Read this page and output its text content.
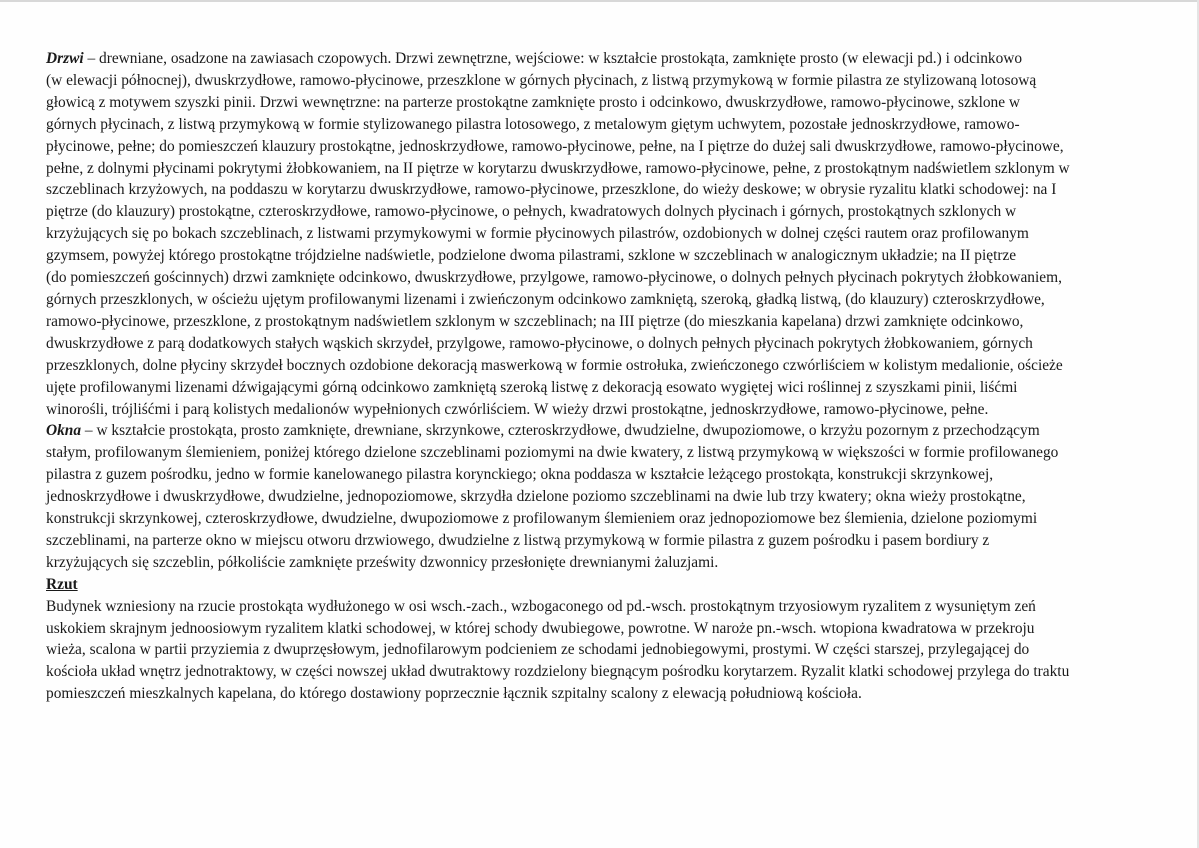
Drzwi – drewniane, osadzone na zawiasach czopowych. Drzwi zewnętrzne, wejściowe: w kształcie prostokąta, zamknięte prosto (w elewacji pd.) i odcinkowo
(w elewacji północnej), dwuskrzydłowe, ramowo-płycinowe, przeszklone w górnych płycinach, z listwą przymykową w formie pilastra ze stylizowaną lotosową
głowicą z motywem szyszki pinii. Drzwi wewnętrzne: na parterze prostokątne zamknięte prosto i odcinkowo, dwuskrzydłowe, ramowo-płycinowe, szklone w
górnych płycinach, z listwą przymykową w formie stylizowanego pilastra lotosowego, z metalowym giętym uchwytem, pozostałe jednoskrzydłowe, ramowo-
płycinowe, pełne; do pomieszczeń klauzury prostokątne, jednoskrzydłowe, ramowo-płycinowe, pełne, na I piętrze do dużej sali dwuskrzydłowe, ramowo-płycinowe,
pełne, z dolnymi płycinami pokrytymi żłobkowaniem, na II piętrze w korytarzu dwuskrzydłowe, ramowo-płycinowe, pełne, z prostokątnym nadświetlem szklonym w
szczeblinach krzyżowych, na poddaszu w korytarzu dwuskrzydłowe, ramowo-płycinowe, przeszklone, do wieży deskowe; w obrysie ryzalitu klatki schodowej: na I
piętrze (do klauzury) prostokątne, czteroskrzydłowe, ramowo-płycinowe, o pełnych, kwadratowych dolnych płycinach i górnych, prostokątnych szklonych w
krzyżujących się po bokach szczeblinach, z listwami przymykowymi w formie płycinowych pilastrów, ozdobionych w dolnej części rautem oraz profilowanym
gzymsem, powyżej którego prostokątne trójdzielne nadświetle, podzielone dwoma pilastrami, szklone w szczeblinach w analogicznym układzie; na II piętrze
(do pomieszczeń gościnnych) drzwi zamknięte odcinkowo, dwuskrzydłowe, przylgowe, ramowo-płycinowe, o dolnych pełnych płycinach pokrytych żłobkowaniem,
górnych przeszklonych, w ościeżu ujętym profilowanymi lizenami i zwieńczonym odcinkowo zamkniętą, szeroką, gładką listwą, (do klauzury) czteroskrzydłowe,
ramowo-płycinowe, przeszklone, z prostokątnym nadświetlem szklonym w szczeblinach; na III piętrze (do mieszkania kapelana) drzwi zamknięte odcinkowo,
dwuskrzydłowe z parą dodatkowych stałych wąskich skrzydeł, przylgowe, ramowo-płycinowe, o dolnych pełnych płycinach pokrytych żłobkowaniem, górnych
przeszklonych, dolne płyciny skrzydeł bocznych ozdobione dekoracją maswerkową w formie ostrołuka, zwieńczonego czwórliściem w kolistym medalionie, ościeże
ujęte profilowanymi lizenami dźwigającymi górną odcinkowo zamkniętą szeroką listwę z dekoracją esowato wygiętej wici roślinnej z szyszkami pinii, liśćmi
winorośli, trójliśćmi i parą kolistych medalionów wypełnionych czwórliściem. W wieży drzwi prostokątne, jednoskrzydłowe, ramowo-płycinowe, pełne.
Okna – w kształcie prostokąta, prosto zamknięte, drewniane, skrzynkowe, czteroskrzydłowe, dwudzielne, dwupoziomowe, o krzyżu pozornym z przechodzącym
stałym, profilowanym ślemieniem, poniżej którego dzielone szczeblinami poziomymi na dwie kwatery, z listwą przymykową w większości w formie profilowanego
pilastra z guzem pośrodku, jedno w formie kanelowanego pilastra korynckiego; okna poddasza w kształcie leżącego prostokąta, konstrukcji skrzynkowej,
jednoskrzydłowe i dwuskrzydłowe, dwudzielne, jednopoziomowe, skrzydła dzielone poziomo szczeblinami na dwie lub trzy kwatery; okna wieży prostokątne,
konstrukcji skrzynkowej, czteroskrzydłowe, dwudzielne, dwupoziomowe z profilowanym ślemieniem oraz jednopoziomowe bez ślemienia, dzielone poziomymi
szczeblinami, na parterze okno w miejscu otworu drzwiowego, dwudzielne z listwą przymykową w formie pilastra z guzem pośrodku i pasem bordiury z
krzyżujących się szczeblin, półkoliście zamknięte prześwity dzwonnicy przesłonięte drewnianymi żaluzjami.
Rzut
Budynek wzniesiony na rzucie prostokąta wydłużonego w osi wsch.-zach., wzbogaconego od pd.-wsch. prostokątnym trzyosiowym ryzalitem z wysuniętym zeń
uskokiem skrajnym jednoosiowym ryzalitem klatki schodowej, w której schody dwubiegowe, powrotne. W naroże pn.-wsch. wtopiona kwadratowa w przekroju
wieża, scalona w partii przyziemia z dwuprzęsłowym, jednofilarowym podcieniem ze schodami jednobiegowymi, prostymi. W części starszej, przylegającej do
kościoła układ wnętrz jednotraktowy, w części nowszej układ dwutraktowy rozdzielony biegnącym pośrodku korytarzem. Ryzalit klatki schodowej przylega do traktu
pomieszczeń mieszkalnych kapelana, do którego dostawiony poprzecznie łącznik szpitalny scalony z elewacją południową kościoła.
